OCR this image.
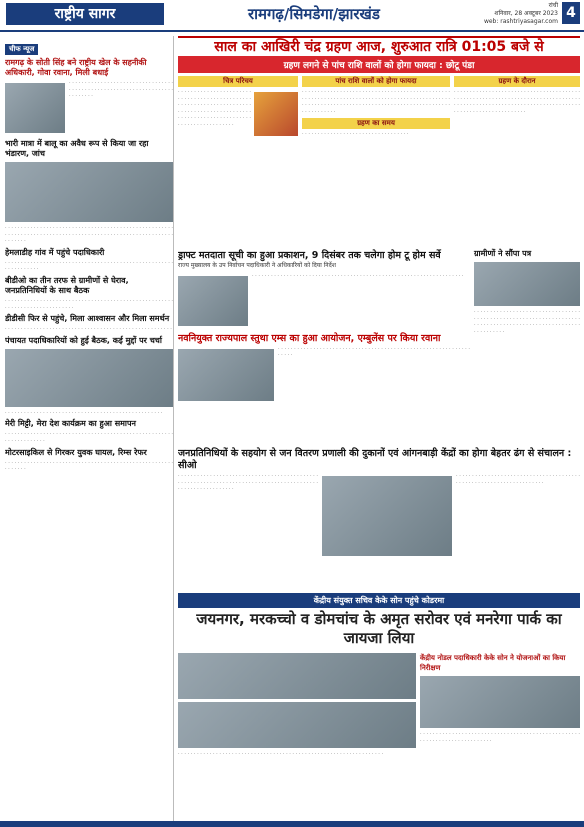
राष्ट्रीय सागर	रामगढ़/सिमडेगा/झारखंड	रांची
शनिवार, 28 अक्टूबर 2023
web: rashtriyasagar.com
4
चीफ न्यूज
रामगढ़ के सोती सिंह बने राष्ट्रीय खेल के सहनीकी अधिकारी, गोवा रवाना, मिली बधाई
· · · · · · · · · · · · · · · · · · · · · · · · · · · · · · · · · · · · · · · · · · · · · · · · · · · · · · · · · · · · · · · · · · · · · · · · · ·
भारी मात्रा में बालू का अवैध रूप से किया जा रहा भंडारण, जांच
· · · · · · · · · · · · · · · · · · · · · · · · · · · · · · · · · · · · · · · · · · · · · · · · · · · · · · · · · · · · · · · · · · · · · · · · · · · · · · · · · · · · · · · · · · · · · · · · · · · · · · · · · · · · · · · · ·
हेमलाडीह गांव में पहुंचे पदाधिकारी
· · · · · · · · · · · · · · · · · · · · · · · · · · · · · · · · · · · · · · · · · · · · · · · · · · · · · · · · · · · · · · · ·
बीडीओ का तीन तरफ से ग्रामीणों से घेराव, जनप्रतिनिधियों के साथ बैठक
· · · · · · · · · · · · · · · · · · · · · · · · · · · · · · · · · · · · · · · · · · · · · · · · · · · · · · · · · · · · · · · · · · · · · · · · · · ·
डीडीसी फिर से पहुंचे, मिला आश्वासन और मिला समर्थन
· · · · · · · · · · · · · · · · · · · · · · · · · · · · · · · · · · · · · · · · · · · · · · · · · · · · ·
पंचायत पदाधिकारियों को हुई बैठक, कई मुद्दों पर चर्चा
· · · · · · · · · · · · · · · · · · · · · · · · · · · · · · · · · · · · · · · · · · · · · · · · · ·
मेरी मिट्टी, मेरा देश कार्यक्रम का हुआ समापन
· · · · · · · · · · · · · · · · · · · · · · · · · · · · · · · · · · · · · · · · · · · · · · · · · · · · · · · · · · · · · · · · · ·
मोटरसाइकिल से गिरकर युवक घायल, रिम्स रेफर
· · · · · · · · · · · · · · · · · · · · · · · · · · · · · · · · · · · · · · · · · · · · · · · · · · · · · · · · · · · ·
साल का आखिरी चंद्र ग्रहण आज, शुरुआत रात्रि 01:05 बजे से
ग्रहण लगने से पांच राशि वालों को होगा फायदा : छोटू पंडा
चित्र परिचय
· · · · · · · · · · · · · · · · · · · · · · · · · · · · · · · · · · · · · · · · · · · · · · · · · · · · · · · · · · · · · · · · · · · · · · · · · · · · · · · · · · · · · · · · · · · · · · · · · · · · · · · · · · · · · · · · · · · · · · · · · · · · · · · · · · · · ·
पांच राशि वालों को होगा फायदा
· · · · · · · · · · · · · · · · · · · · · · · · · · · · · · · · · · · · · · · · · · · · · · · · · · · · · · · · · · · · · · · · · · · · · · · · · · · · · · · · · · · · · · · · · · · · · · · · · · · · · · · · · · · · · · · · · · · · · · · · · · · · · · · · · · · · · · · · · · · · · · · · · · · · · · · ·
ग्रहण का समय
· · · · · · · · · · · · · · · · · · · · · · · · · · · · · · · · · ·
ग्रहण के दौरान
· · · · · · · · · · · · · · · · · · · · · · · · · · · · · · · · · · · · · · · · · · · · · · · · · · · · · · · · · · · · · · · · · · · · · · · · · · · · · · · · · · · · · · · · · · · · · · · · · · · · · · · · · · · · · · · · · · · · · · · · · · · · · · · · · · · · · · · · · · · · · · ·
ड्राफ्ट मतदाता सूची का हुआ प्रकाशन, 9 दिसंबर तक चलेगा होम टू होम सर्वे
राज्य मुख्यालय के उप निर्वाचन पदाधिकारी ने अधिकारियों को दिया निर्देश
· · · · · · · · · · · · · · · · · · · · · · · · · · · · · · · · · · · · · · · · · · · · · · · · · · · · · · · · · · · · · · · · · · ·
नवनियुक्त राज्यपाल स्तुथा एम्स का हुआ आयोजन, एम्बुलेंस पर किया रवाना
· · · · · · · · · · · · · · · · · · · · · · · · · · · · · · · · · · · · · · · · · · · · · · · · · · · · · · · · · · · · · · · · ·
ग्रामीणों ने सौंपा पत्र
· · · · · · · · · · · · · · · · · · · · · · · · · · · · · · · · · · · · · · · · · · · · · · · · · · · · · · · · · · · · · · · · · · · · · · · · · · · · · · · · · · · · · · · · · · · · · · · · · · · · · · · · · · · · ·
जनप्रतिनिधियों के सहयोग से जन वितरण प्रणाली की दुकानों एवं आंगनबाड़ी केंद्रों का होगा बेहतर ढंग से संचालन : सीओ
· · · · · · · · · · · · · · · · · · · · · · · · · · · · · · · · · · · · · · · · · · · · · · · · · · · · · · · · · · · · · · · · · · · · · · · · · · · · · · · · · · · · · · · · · · · · · · · · · · · · · · · · · ·
· · · · · · · · · · · · · · · · · · · · · · · · · · · · · · · · · · · · · · · · · · · · · · · · · · · · · · · · · · · · · · · · · · ·
केंद्रीय संयुक्त सचिव केके सोन पहुंचे कोडरमा
जयनगर, मरकच्चो व डोमचांच के अमृत सरोवर एवं मनरेगा पार्क का जायजा लिया
· · · · · · · · · · · · · · · · · · · · · · · · · · · · · · · · · · · · · · · · · · · · · · · · · · · · · · · · · · · · · · · · ·
केंद्रीय नोडल पदाधिकारी केके सोन ने योजनाओं का किया निरीक्षण
· · · · · · · · · · · · · · · · · · · · · · · · · · · · · · · · · · · · · · · · · · · · · · · · · · · · · · · · · · · · · · · · · · · · · · · · ·
